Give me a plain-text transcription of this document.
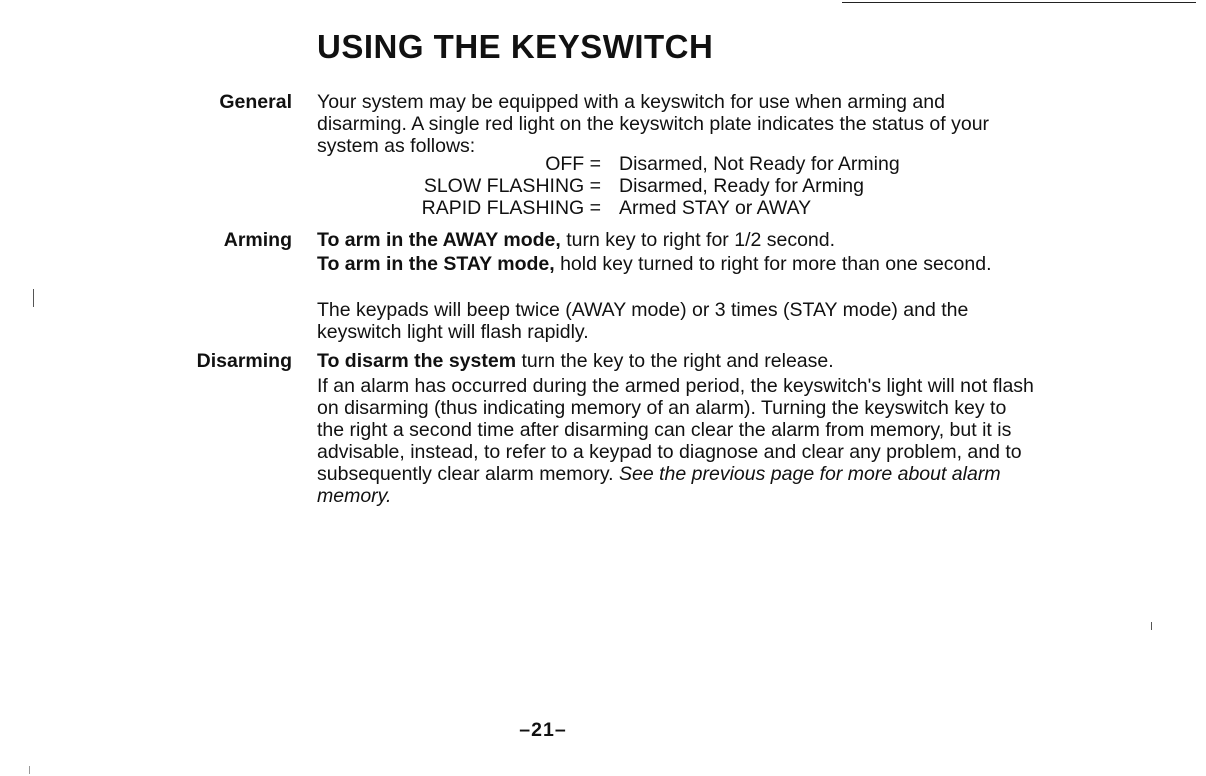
USING THE KEYSWITCH
General Your system may be equipped with a keyswitch for use when arming and disarming. A single red light on the keyswitch plate indicates the status of your system as follows:

OFF =	Disarmed, Not Ready for Arming
SLOW FLASHING =	Disarmed, Ready for Arming
RAPID FLASHING =	Armed STAY or AWAY
Arming To arm in the AWAY mode, turn key to right for 1/2 second.

To arm in the STAY mode, hold key turned to right for more than one second.

The keypads will beep twice (AWAY mode) or 3 times (STAY mode) and the keyswitch light will flash rapidly.

Disarming To disarm the system turn the key to the right and release.

If an alarm has occurred during the armed period, the keyswitch's light will not flash on disarming (thus indicating memory of an alarm). Turning the keyswitch key to the right a second time after disarming can clear the alarm from memory, but it is advisable, instead, to refer to a keypad to diagnose and clear any problem, and to subsequently clear alarm memory. See the previous page for more about alarm memory.

–21–
